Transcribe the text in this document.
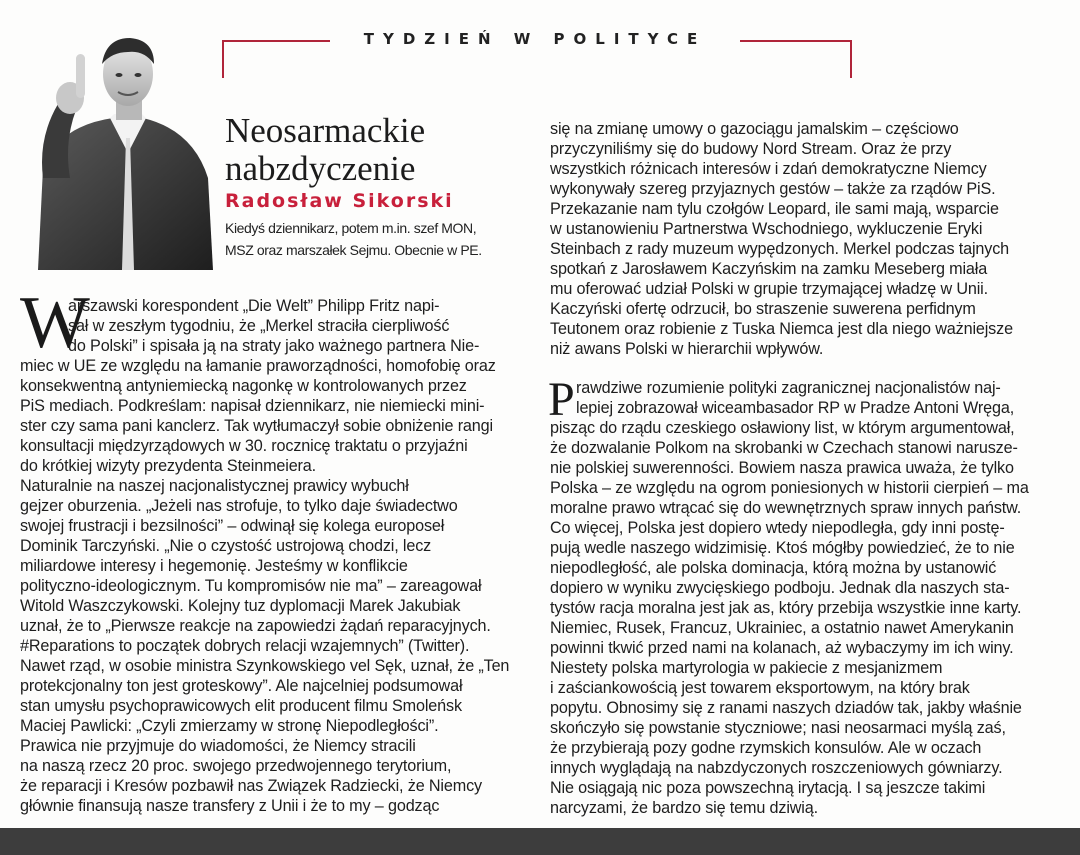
TYDZIEŃ W POLITYCE
Neosarmackie nabzdyczenie
Radosław Sikorski
Kiedyś dziennikarz, potem m.in. szef MON,
MSZ oraz marszałek Sejmu. Obecnie w PE.
W
P
arszawski korespondent „Die Welt” Philipp Fritz napi-
sał w zeszłym tygodniu, że „Merkel straciła cierpliwość
do Polski” i spisała ją na straty jako ważnego partnera Nie-
miec w UE ze względu na łamanie praworządności, homofobię oraz
konsekwentną antyniemiecką nagonkę w kontrolowanych przez
PiS mediach. Podkreślam: napisał dziennikarz, nie niemiecki mini-
ster czy sama pani kanclerz. Tak wytłumaczył sobie obniżenie rangi
konsultacji międzyrządowych w 30. rocznicę traktatu o przyjaźni
do krótkiej wizyty prezydenta Steinmeiera.
Naturalnie na naszej nacjonalistycznej prawicy wybuchł
gejzer oburzenia. „Jeżeli nas strofuje, to tylko daje świadectwo
swojej frustracji i bezsilności” – odwinął się kolega europoseł
Dominik Tarczyński. „Nie o czystość ustrojową chodzi, lecz
miliardowe interesy i hegemonię. Jesteśmy w konflikcie
polityczno-ideologicznym. Tu kompromisów nie ma” – zareagował
Witold Waszczykowski. Kolejny tuz dyplomacji Marek Jakubiak
uznał, że to „Pierwsze reakcje na zapowiedzi żądań reparacyjnych.
#Reparations to początek dobrych relacji wzajemnych” (Twitter).
Nawet rząd, w osobie ministra Szynkowskiego vel Sęk, uznał, że „Ten
protekcjonalny ton jest groteskowy”. Ale najcelniej podsumował
stan umysłu psychoprawicowych elit producent filmu Smoleńsk
Maciej Pawlicki: „Czyli zmierzamy w stronę Niepodległości”.
Prawica nie przyjmuje do wiadomości, że Niemcy stracili
na naszą rzecz 20 proc. swojego przedwojennego terytorium,
że reparacji i Kresów pozbawił nas Związek Radziecki, że Niemcy
głównie finansują nasze transfery z Unii i że to my – godząc
się na zmianę umowy o gazociągu jamalskim – częściowo
przyczyniliśmy się do budowy Nord Stream. Oraz że przy
wszystkich różnicach interesów i zdań demokratyczne Niemcy
wykonywały szereg przyjaznych gestów – także za rządów PiS.
Przekazanie nam tylu czołgów Leopard, ile sami mają, wsparcie
w ustanowieniu Partnerstwa Wschodniego, wykluczenie Eryki
Steinbach z rady muzeum wypędzonych. Merkel podczas tajnych
spotkań z Jarosławem Kaczyńskim na zamku Meseberg miała
mu oferować udział Polski w grupie trzymającej władzę w Unii.
Kaczyński ofertę odrzucił, bo straszenie suwerena perfidnym
Teutonem oraz robienie z Tuska Niemca jest dla niego ważniejsze
niż awans Polski w hierarchii wpływów.
rawdziwe rozumienie polityki zagranicznej nacjonalistów naj-
lepiej zobrazował wiceambasador RP w Pradze Antoni Wręga,
pisząc do rządu czeskiego osławiony list, w którym argumentował,
że dozwalanie Polkom na skrobanki w Czechach stanowi narusze-
nie polskiej suwerenności. Bowiem nasza prawica uważa, że tylko
Polska – ze względu na ogrom poniesionych w historii cierpień – ma
moralne prawo wtrącać się do wewnętrznych spraw innych państw.
Co więcej, Polska jest dopiero wtedy niepodległa, gdy inni postę-
pują wedle naszego widzimisię. Ktoś mógłby powiedzieć, że to nie
niepodległość, ale polska dominacja, którą można by ustanowić
dopiero w wyniku zwycięskiego podboju. Jednak dla naszych sta-
tystów racja moralna jest jak as, który przebija wszystkie inne karty.
Niemiec, Rusek, Francuz, Ukrainiec, a ostatnio nawet Amerykanin
powinni tkwić przed nami na kolanach, aż wybaczymy im ich winy.
Niestety polska martyrologia w pakiecie z mesjanizmem
i zaściankowością jest towarem eksportowym, na który brak
popytu. Obnosimy się z ranami naszych dziadów tak, jakby właśnie
skończyło się powstanie styczniowe; nasi neosarmaci myślą zaś,
że przybierają pozy godne rzymskich konsulów. Ale w oczach
innych wyglądają na nabzdyczonych roszczeniowych gówniarzy.
Nie osiągają nic poza powszechną irytacją. I są jeszcze takimi
narcyzami, że bardzo się temu dziwią.
